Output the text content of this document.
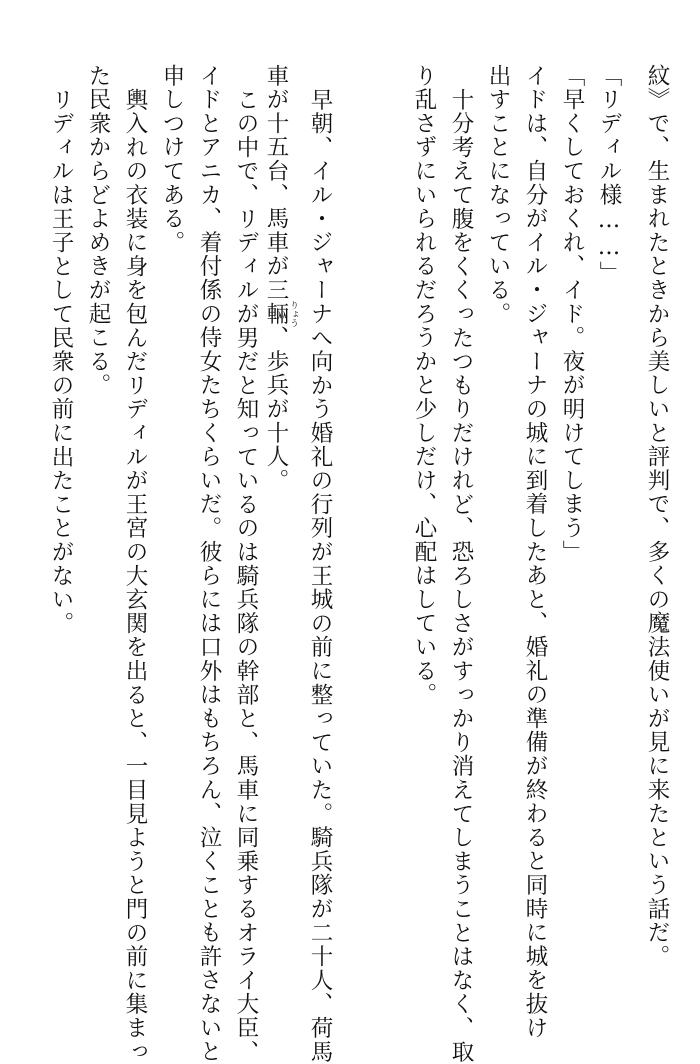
紋》で、生まれたときから美しいと評判で、多くの魔法使いが見に来たという話だ。
「リディル様……」
「早くしておくれ、イド。夜が明けてしまう」
イドは、自分がイル・ジャーナの城に到着したあと、婚礼の準備が終わると同時に城を抜け
出すことになっている。
十分考えて腹をくくったつもりだけれど、恐ろしさがすっかり消えてしまうことはなく、取
り乱さずにいられるだろうかと少しだけ、心配はしている。
早朝、イル・ジャーナへ向かう婚礼の行列が王城の前に整っていた。騎兵隊が二十人、荷馬
車が十五台、馬車が三輛 りょう、歩兵が十人。
この中で、リディルが男だと知っているのは騎兵隊の幹部と、馬車に同乗するオライ大臣、
イドとアニカ、着付係の侍女たちくらいだ。彼らには口外はもちろん、泣くことも許さないと
申しつけてある。
輿入れの衣装に身を包んだリディルが王宮の大玄関を出ると、一目見ようと門の前に集まっ
た民衆からどよめきが起こる。
リディルは王子として民衆の前に出たことがない。
